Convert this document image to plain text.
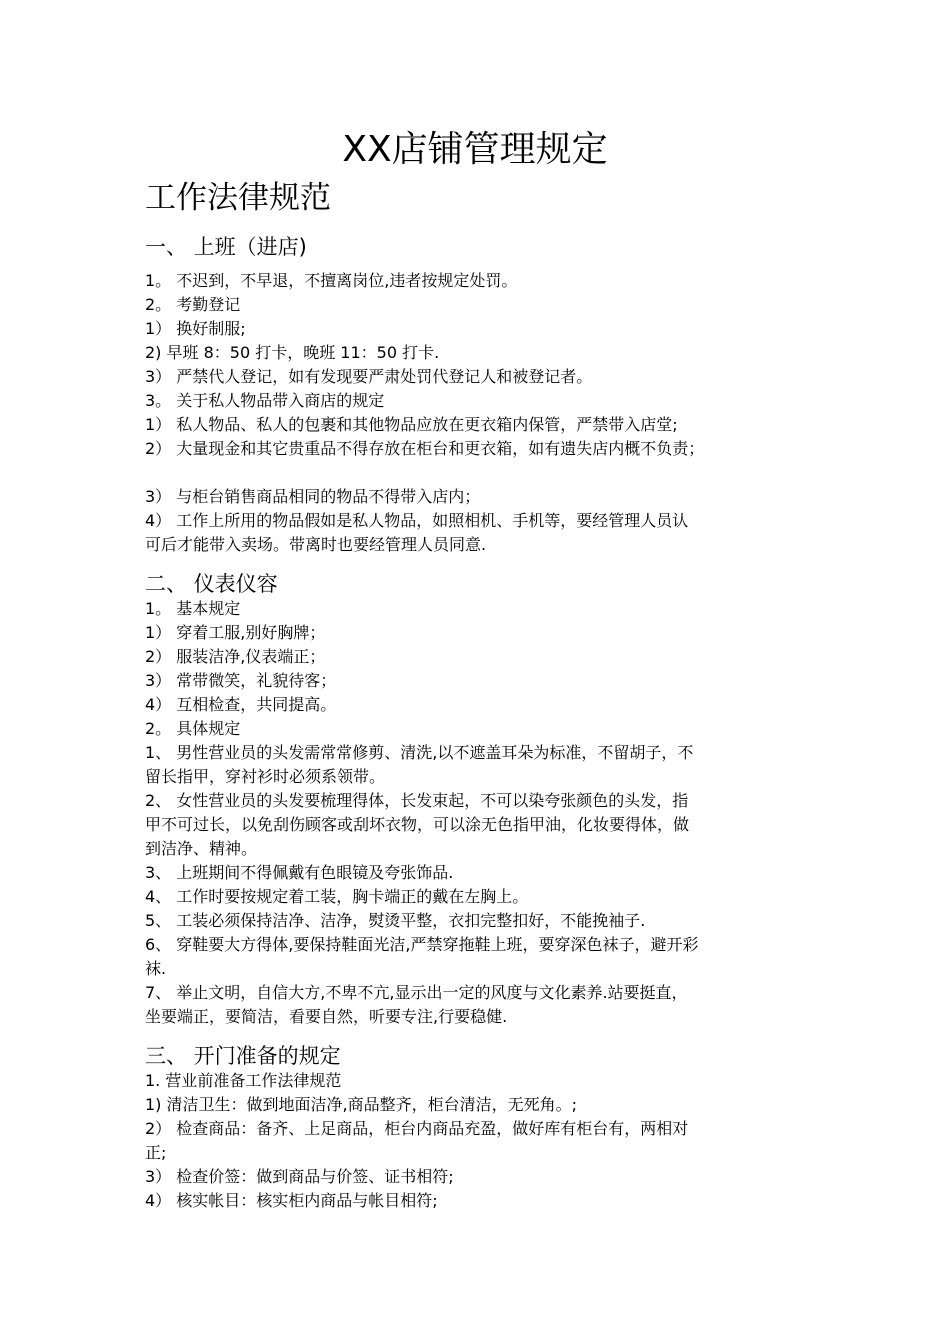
XX店铺管理规定
工作法律规范
一、 上班（进店)

1。 不迟到，不早退，不擅离岗位,违者按规定处罚。

2。 考勤登记

1） 换好制服;

2) 早班 8：50 打卡，晚班 11：50 打卡.

3） 严禁代人登记，如有发现要严肃处罚代登记人和被登记者。

3。 关于私人物品带入商店的规定

1） 私人物品、私人的包裹和其他物品应放在更衣箱内保管，严禁带入店堂;

2） 大量现金和其它贵重品不得存放在柜台和更衣箱，如有遗失店内概不负责；

3） 与柜台销售商品相同的物品不得带入店内；

4） 工作上所用的物品假如是私人物品，如照相机、手机等，要经管理人员认

可后才能带入卖场。带离时也要经管理人员同意.

二、 仪表仪容

1。 基本规定

1） 穿着工服,别好胸牌；

2） 服装洁净,仪表端正；

3） 常带微笑，礼貌待客；

4） 互相检查，共同提高。

2。 具体规定

1、 男性营业员的头发需常常修剪、清洗,以不遮盖耳朵为标准，不留胡子，不

留长指甲，穿衬衫时必须系领带。

2、 女性营业员的头发要梳理得体，长发束起，不可以染夸张颜色的头发，指

甲不可过长，以免刮伤顾客或刮坏衣物，可以涂无色指甲油，化妆要得体，做

到洁净、精神。

3、 上班期间不得佩戴有色眼镜及夸张饰品.

4、 工作时要按规定着工装，胸卡端正的戴在左胸上。

5、 工装必须保持洁净、洁净，熨烫平整，衣扣完整扣好，不能挽袖子.

6、 穿鞋要大方得体,要保持鞋面光洁,严禁穿拖鞋上班，要穿深色袜子，避开彩

袜.

7、 举止文明，自信大方,不卑不亢,显示出一定的风度与文化素养.站要挺直，

坐要端正，要简洁，看要自然，听要专注,行要稳健.

三、 开门准备的规定

1. 营业前准备工作法律规范

1) 清洁卫生：做到地面洁净,商品整齐，柜台清洁，无死角。;

2） 检查商品：备齐、上足商品，柜台内商品充盈，做好库有柜台有，两相对

正;

3） 检查价签：做到商品与价签、证书相符;

4） 核实帐目：核实柜内商品与帐目相符;
